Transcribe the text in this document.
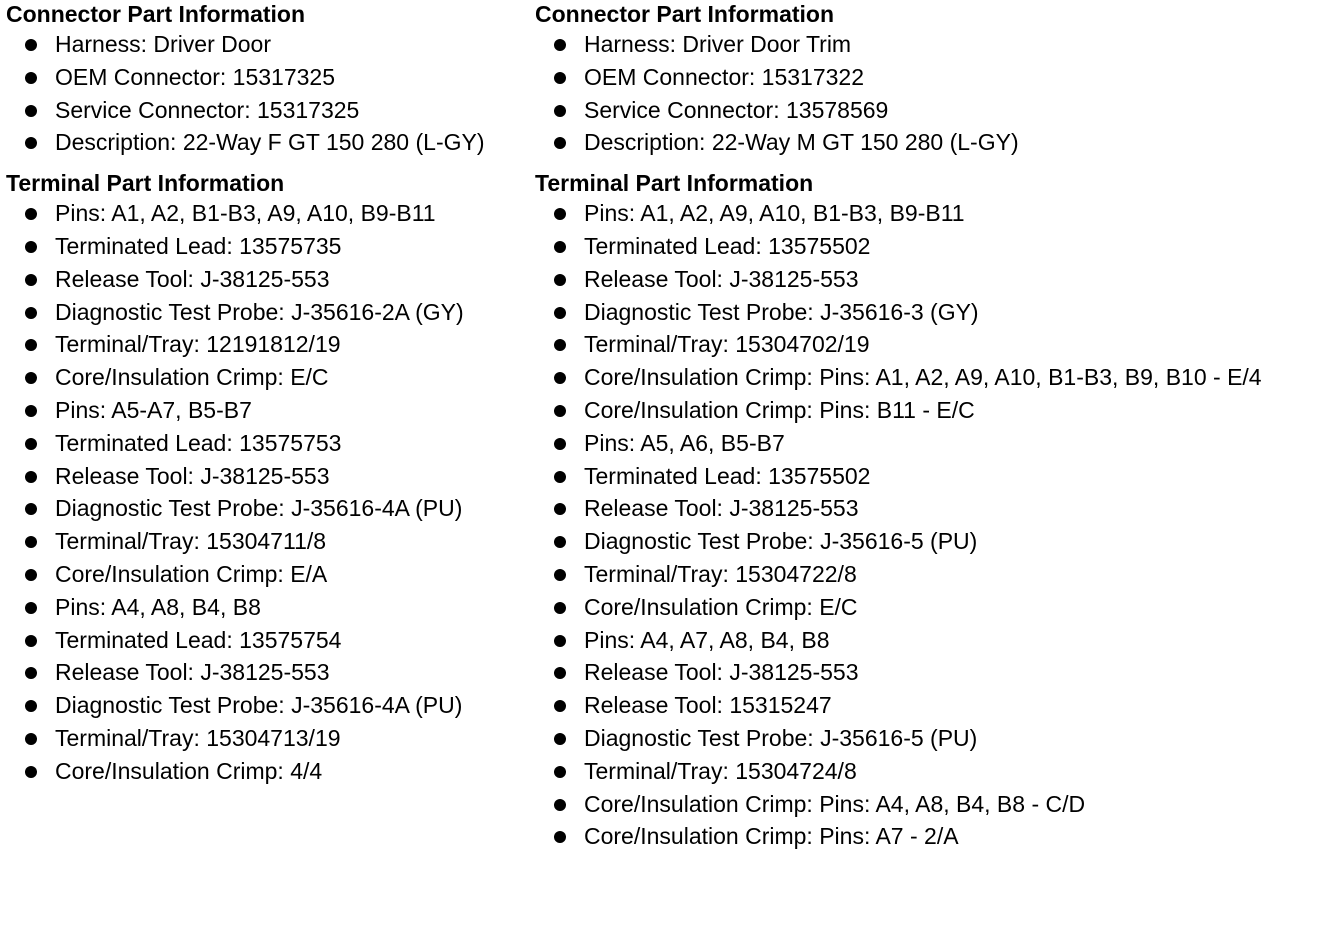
Connector Part Information
Harness: Driver Door
OEM Connector: 15317325
Service Connector: 15317325
Description: 22-Way F GT 150 280 (L-GY)
Terminal Part Information
Pins: A1, A2, B1-B3, A9, A10, B9-B11
Terminated Lead: 13575735
Release Tool: J-38125-553
Diagnostic Test Probe: J-35616-2A (GY)
Terminal/Tray: 12191812/19
Core/Insulation Crimp: E/C
Pins: A5-A7, B5-B7
Terminated Lead: 13575753
Release Tool: J-38125-553
Diagnostic Test Probe: J-35616-4A (PU)
Terminal/Tray: 15304711/8
Core/Insulation Crimp: E/A
Pins: A4, A8, B4, B8
Terminated Lead: 13575754
Release Tool: J-38125-553
Diagnostic Test Probe: J-35616-4A (PU)
Terminal/Tray: 15304713/19
Core/Insulation Crimp: 4/4
Connector Part Information
Harness: Driver Door Trim
OEM Connector: 15317322
Service Connector: 13578569
Description: 22-Way M GT 150 280 (L-GY)
Terminal Part Information
Pins: A1, A2, A9, A10, B1-B3, B9-B11
Terminated Lead: 13575502
Release Tool: J-38125-553
Diagnostic Test Probe: J-35616-3 (GY)
Terminal/Tray: 15304702/19
Core/Insulation Crimp: Pins: A1, A2, A9, A10, B1-B3, B9, B10 - E/4
Core/Insulation Crimp: Pins: B11 - E/C
Pins: A5, A6, B5-B7
Terminated Lead: 13575502
Release Tool: J-38125-553
Diagnostic Test Probe: J-35616-5 (PU)
Terminal/Tray: 15304722/8
Core/Insulation Crimp: E/C
Pins: A4, A7, A8, B4, B8
Release Tool: J-38125-553
Release Tool: 15315247
Diagnostic Test Probe: J-35616-5 (PU)
Terminal/Tray: 15304724/8
Core/Insulation Crimp: Pins: A4, A8, B4, B8 - C/D
Core/Insulation Crimp: Pins: A7 - 2/A
